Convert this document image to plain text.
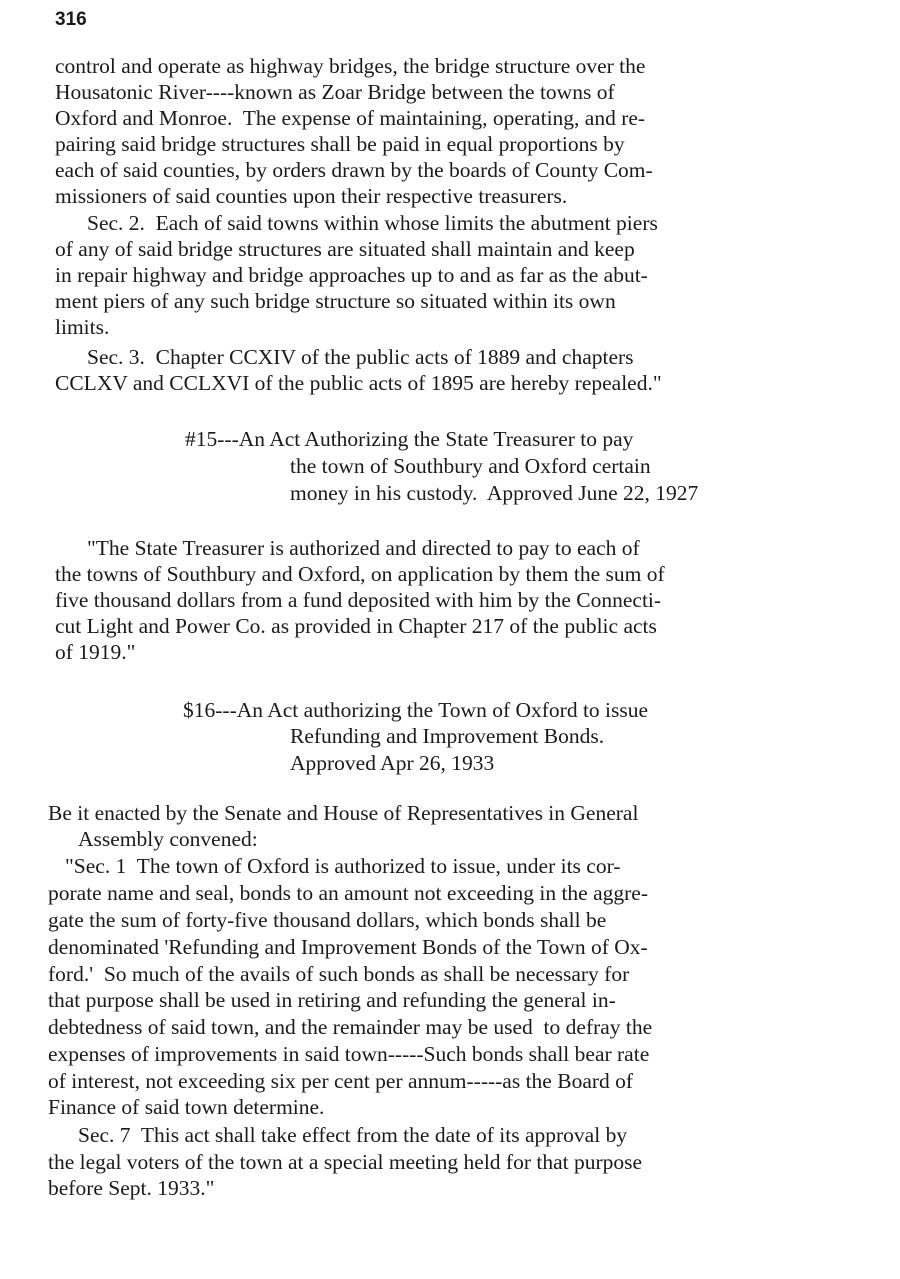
316
control and operate as highway bridges, the bridge structure over the
Housatonic River----known as Zoar Bridge between the towns of
Oxford and Monroe.  The expense of maintaining, operating, and re-
pairing said bridge structures shall be paid in equal proportions by
each of said counties, by orders drawn by the boards of County Com-
missioners of said counties upon their respective treasurers.
Sec. 2.  Each of said towns within whose limits the abutment piers
of any of said bridge structures are situated shall maintain and keep
in repair highway and bridge approaches up to and as far as the abut-
ment piers of any such bridge structure so situated within its own
limits.
Sec. 3.  Chapter CCXIV of the public acts of 1889 and chapters
CCLXV and CCLXVI of the public acts of 1895 are hereby repealed."
#15---An Act Authorizing the State Treasurer to pay
the town of Southbury and Oxford certain
money in his custody.  Approved June 22, 1927
"The State Treasurer is authorized and directed to pay to each of
the towns of Southbury and Oxford, on application by them the sum of
five thousand dollars from a fund deposited with him by the Connecti-
cut Light and Power Co. as provided in Chapter 217 of the public acts
of 1919."
$16---An Act authorizing the Town of Oxford to issue
Refunding and Improvement Bonds.
Approved Apr 26, 1933
Be it enacted by the Senate and House of Representatives in General
Assembly convened:
"Sec. 1  The town of Oxford is authorized to issue, under its cor-
porate name and seal, bonds to an amount not exceeding in the aggre-
gate the sum of forty-five thousand dollars, which bonds shall be
denominated 'Refunding and Improvement Bonds of the Town of Ox-
ford.'  So much of the avails of such bonds as shall be necessary for
that purpose shall be used in retiring and refunding the general in-
debtedness of said town, and the remainder may be used  to defray the
expenses of improvements in said town-----Such bonds shall bear rate
of interest, not exceeding six per cent per annum-----as the Board of
Finance of said town determine.
Sec. 7  This act shall take effect from the date of its approval by
the legal voters of the town at a special meeting held for that purpose
before Sept. 1933."
